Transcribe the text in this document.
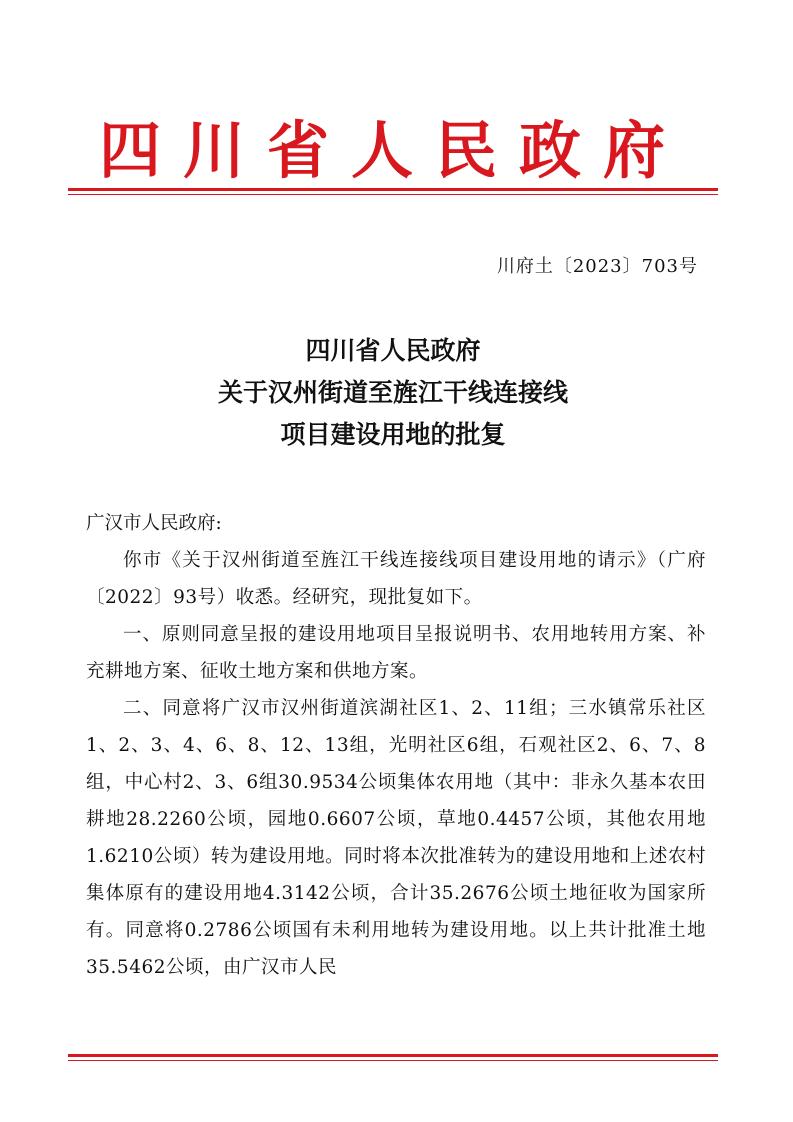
四川省人民政府
川府土〔2023〕703号
四川省人民政府
关于汉州街道至旌江干线连接线
项目建设用地的批复

广汉市人民政府:

你市《关于汉州街道至旌江干线连接线项目建设用地的请示》（广府〔2022〕93号）收悉。经研究，现批复如下。

一、原则同意呈报的建设用地项目呈报说明书、农用地转用方案、补充耕地方案、征收土地方案和供地方案。

二、同意将广汉市汉州街道滨湖社区1、2、11组；三水镇常乐社区1、2、3、4、6、8、12、13组，光明社区6组，石观社区2、6、7、8组，中心村2、3、6组30.9534公顷集体农用地（其中：非永久基本农田耕地28.2260公顷，园地0.6607公顷，草地0.4457公顷，其他农用地1.6210公顷）转为建设用地。同时将本次批准转为的建设用地和上述农村集体原有的建设用地4.3142公顷，合计35.2676公顷土地征收为国家所有。同意将0.2786公顷国有未利用地转为建设用地。以上共计批准土地35.5462公顷，由广汉市人民
